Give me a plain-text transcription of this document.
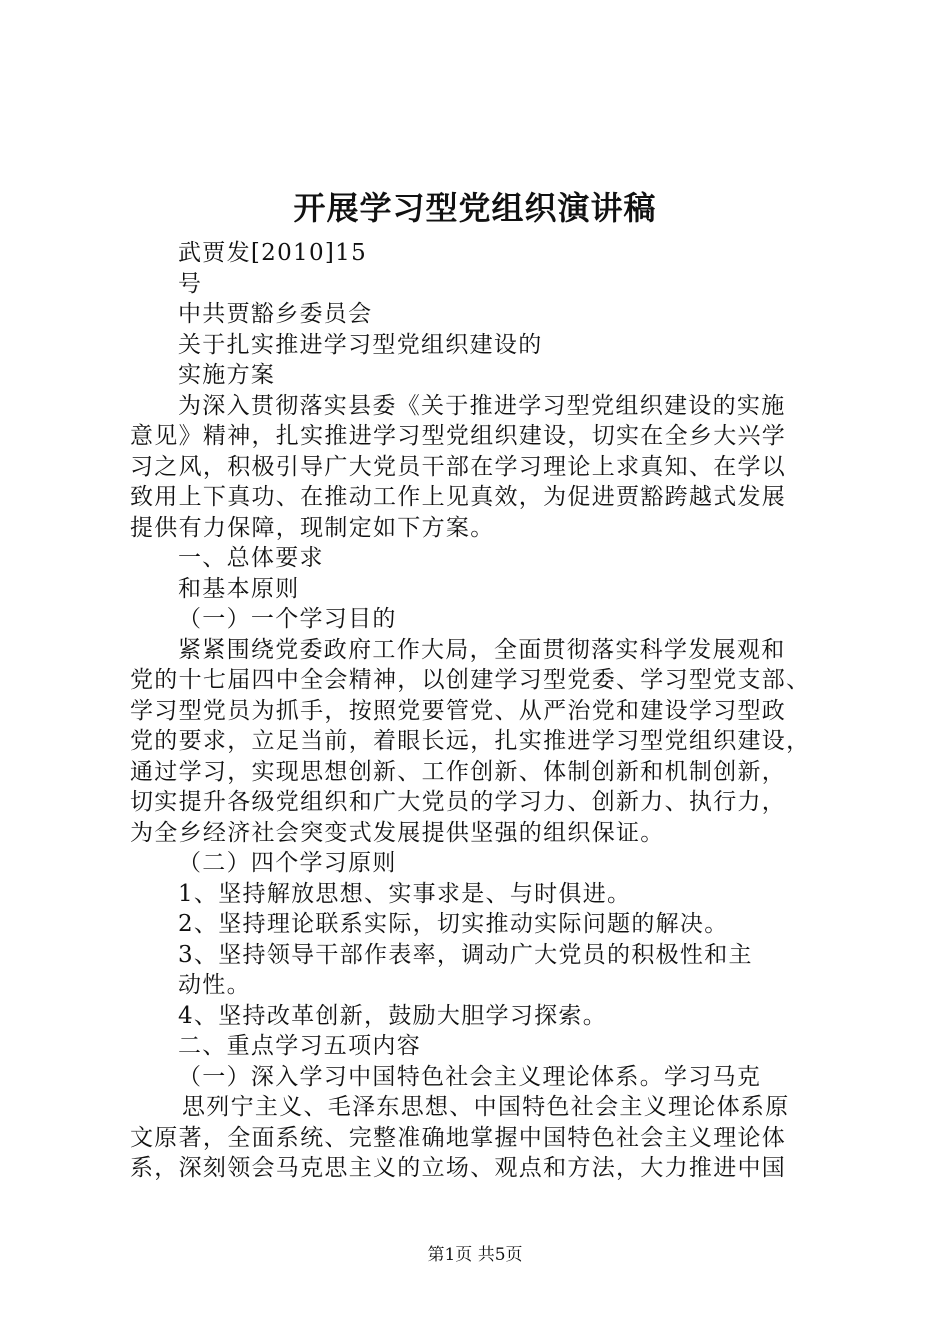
开展学习型党组织演讲稿
武贾发[2010]15
号
中共贾豁乡委员会
关于扎实推进学习型党组织建设的
实施方案
为深入贯彻落实县委《关于推进学习型党组织建设的实施
意见》精神，扎实推进学习型党组织建设，切实在全乡大兴学
习之风，积极引导广大党员干部在学习理论上求真知、在学以
致用上下真功、在推动工作上见真效，为促进贾豁跨越式发展
提供有力保障，现制定如下方案。
一、总体要求
和基本原则
（一）一个学习目的
紧紧围绕党委政府工作大局，全面贯彻落实科学发展观和
党的十七届四中全会精神，以创建学习型党委、学习型党支部、
学习型党员为抓手，按照党要管党、从严治党和建设学习型政
党的要求，立足当前，着眼长远，扎实推进学习型党组织建设，
通过学习，实现思想创新、工作创新、体制创新和机制创新，
切实提升各级党组织和广大党员的学习力、创新力、执行力，
为全乡经济社会突变式发展提供坚强的组织保证。
（二）四个学习原则
1、坚持解放思想、实事求是、与时俱进。
2、坚持理论联系实际，切实推动实际问题的解决。
3、坚持领导干部作表率，调动广大党员的积极性和主
动性。
4、坚持改革创新，鼓励大胆学习探索。
二、重点学习五项内容
（一）深入学习中国特色社会主义理论体系。学习马克
思列宁主义、毛泽东思想、中国特色社会主义理论体系原
文原著，全面系统、完整准确地掌握中国特色社会主义理论体
系，深刻领会马克思主义的立场、观点和方法，大力推进中国
第1页 共5页
